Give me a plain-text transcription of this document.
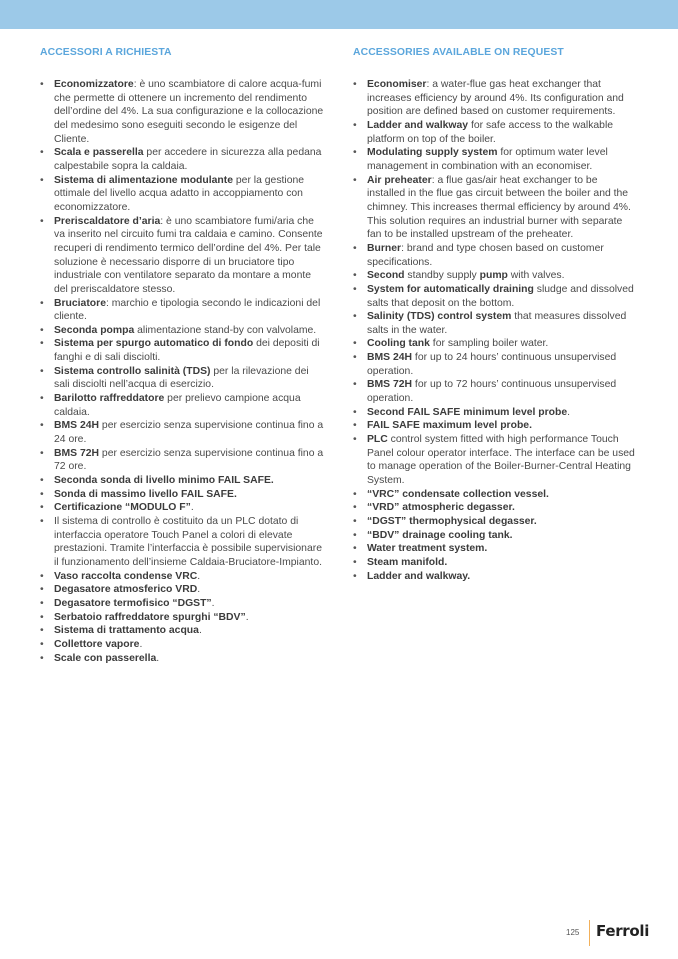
ACCESSORI A RICHIESTA
• Economizzatore: è uno scambiatore di calore acqua-fumi che permette di ottenere un incremento del rendimento dell’ordine del 4%. La sua configurazione e la collocazione del medesimo sono eseguiti secondo le esigenze del Cliente.
• Scala e passerella per accedere in sicurezza alla pedana calpestabile sopra la caldaia.
• Sistema di alimentazione modulante per la gestione ottimale del livello acqua adatto in accoppiamento con economizzatore.
• Preriscaldatore d’aria: è uno scambiatore fumi/aria che va inserito nel circuito fumi tra caldaia e camino. Consente recuperi di rendimento termico dell’ordine del 4%. Per tale soluzione è necessario disporre di un bruciatore tipo industriale con ventilatore separato da montare a monte del preriscaldatore stesso.
• Bruciatore: marchio e tipologia secondo le indicazioni del cliente.
• Seconda pompa alimentazione stand-by con valvolame.
• Sistema per spurgo automatico di fondo dei depositi di fanghi e di sali disciolti.
• Sistema controllo salinità (TDS) per la rilevazione dei sali disciolti nell’acqua di esercizio.
• Barilotto raffreddatore per prelievo campione acqua caldaia.
• BMS 24H per esercizio senza supervisione continua fino a 24 ore.
• BMS 72H per esercizio senza supervisione continua fino a 72 ore.
• Seconda sonda di livello minimo FAIL SAFE.
• Sonda di massimo livello FAIL SAFE.
• Certificazione “MODULO F”.
• Il sistema di controllo è costituito da un PLC dotato di interfaccia operatore Touch Panel a colori di elevate prestazioni. Tramite l’interfaccia è possibile supervisionare il funzionamento dell’insieme Caldaia-Bruciatore-Impianto.
• Vaso raccolta condense VRC.
• Degasatore atmosferico VRD.
• Degasatore termofisico “DGST”.
• Serbatoio raffreddatore spurghi “BDV”.
• Sistema di trattamento acqua.
• Collettore vapore.
• Scale con passerella.
ACCESSORIES AVAILABLE ON REQUEST
• Economiser: a water-flue gas heat exchanger that increases efficiency by around 4%. Its configuration and position are defined based on customer requirements.
• Ladder and walkway for safe access to the walkable platform on top of the boiler.
• Modulating supply system for optimum water level management in combination with an economiser.
• Air preheater: a flue gas/air heat exchanger to be installed in the flue gas circuit between the boiler and the chimney. This increases thermal efficiency by around 4%. This solution requires an industrial burner with separate fan to be installed upstream of the preheater.
• Burner: brand and type chosen based on customer specifications.
• Second standby supply pump with valves.
• System for automatically draining sludge and dissolved salts that deposit on the bottom.
• Salinity (TDS) control system that measures dissolved salts in the water.
• Cooling tank for sampling boiler water.
• BMS 24H for up to 24 hours’ continuous unsupervised operation.
• BMS 72H for up to 72 hours’ continuous unsupervised operation.
• Second FAIL SAFE minimum level probe.
• FAIL SAFE maximum level probe.
• PLC control system fitted with high performance Touch Panel colour operator interface. The interface can be used to manage operation of the Boiler-Burner-Central Heating System.
• “VRC” condensate collection vessel.
• “VRD” atmospheric degasser.
• “DGST” thermophysical degasser.
• “BDV” drainage cooling tank.
• Water treatment system.
• Steam manifold.
• Ladder and walkway.
125 Ferroli
